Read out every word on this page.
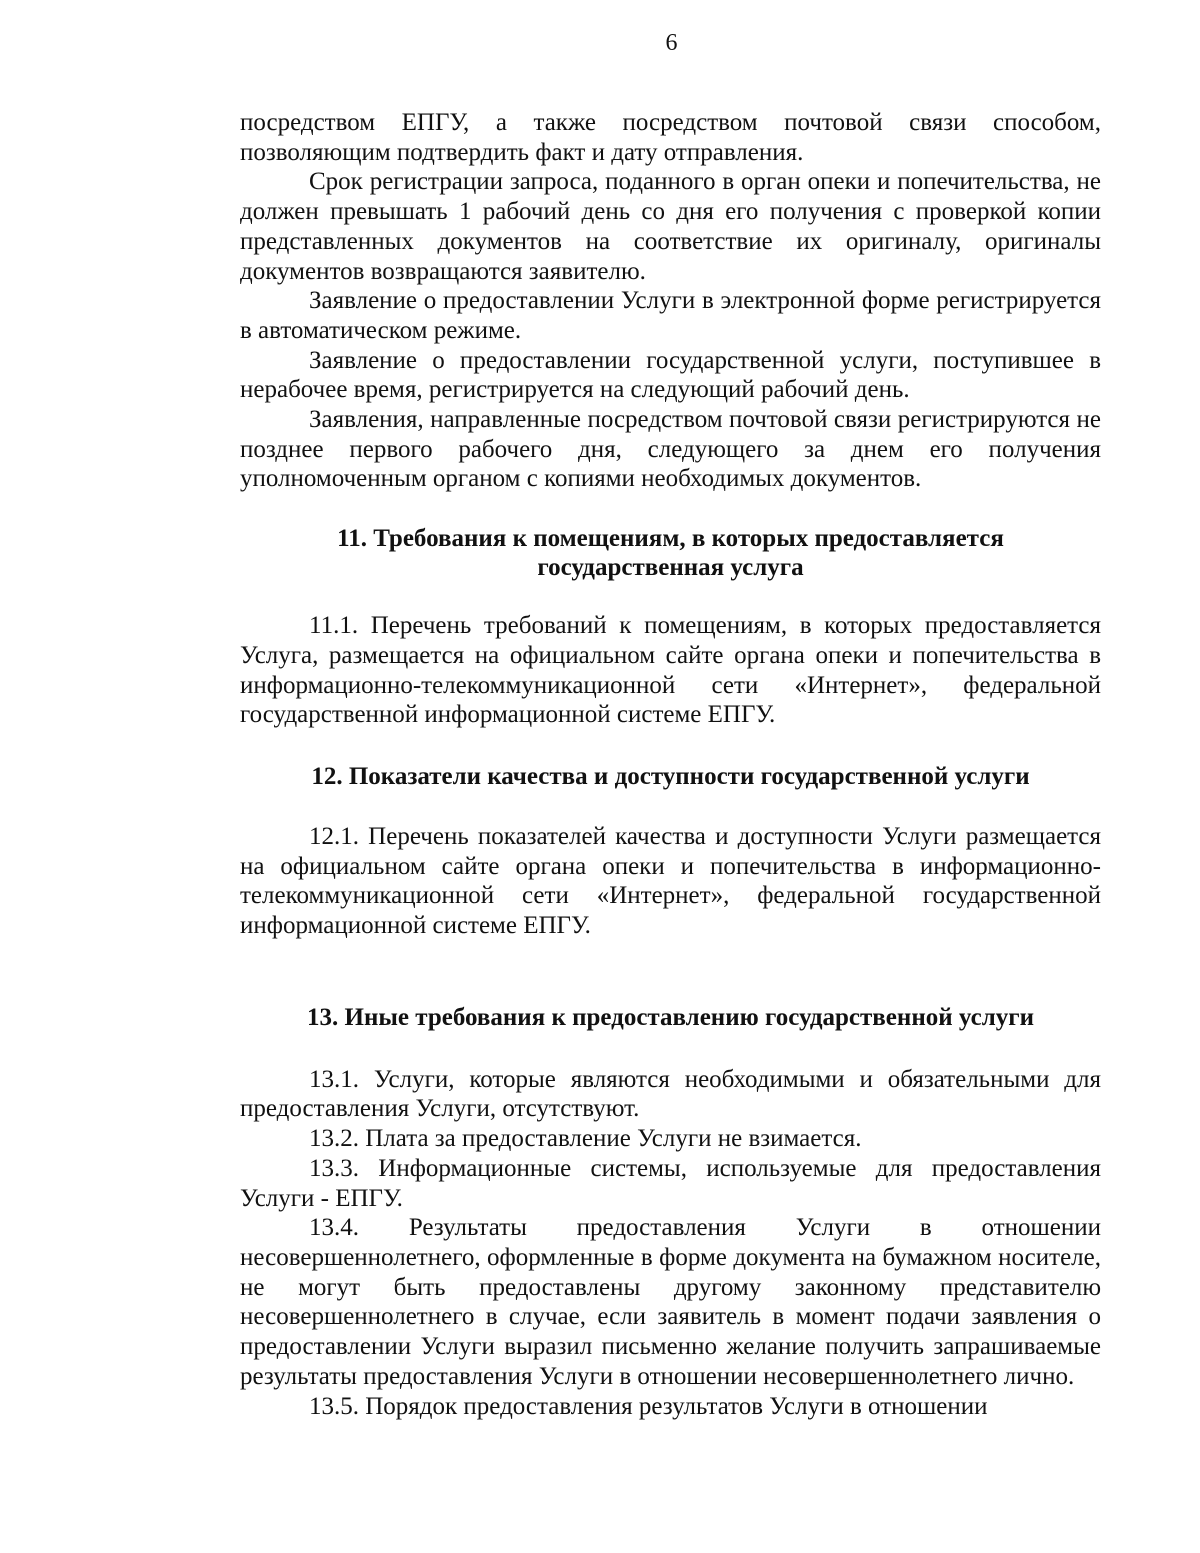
6

посредством ЕПГУ, а также посредством почтовой связи способом, позволяющим подтвердить факт и дату отправления.

Срок регистрации запроса, поданного в орган опеки и попечительства, не должен превышать 1 рабочий день со дня его получения с проверкой копии представленных документов на соответствие их оригиналу, оригиналы документов возвращаются заявителю.

Заявление о предоставлении Услуги в электронной форме регистрируется в автоматическом режиме.

Заявление о предоставлении государственной услуги, поступившее в нерабочее время, регистрируется на следующий рабочий день.

Заявления, направленные посредством почтовой связи регистрируются не позднее первого рабочего дня, следующего за днем его получения уполномоченным органом с копиями необходимых документов.

11. Требования к помещениям, в которых предоставляется
государственная услуга

11.1. Перечень требований к помещениям, в которых предоставляется Услуга, размещается на официальном сайте органа опеки и попечительства в информационно-телекоммуникационной сети «Интернет», федеральной государственной информационной системе ЕПГУ.

12. Показатели качества и доступности государственной услуги

12.1. Перечень показателей качества и доступности Услуги размещается на официальном сайте органа опеки и попечительства в информационно-телекоммуникационной сети «Интернет», федеральной государственной информационной системе ЕПГУ.

13. Иные требования к предоставлению государственной услуги

13.1. Услуги, которые являются необходимыми и обязательными для предоставления Услуги, отсутствуют.

13.2. Плата за предоставление Услуги не взимается.

13.3. Информационные системы, используемые для предоставления Услуги - ЕПГУ.

13.4. Результаты предоставления Услуги в отношении несовершеннолетнего, оформленные в форме документа на бумажном носителе, не могут быть предоставлены другому законному представителю несовершеннолетнего в случае, если заявитель в момент подачи заявления о предоставлении Услуги выразил письменно желание получить запрашиваемые результаты предоставления Услуги в отношении несовершеннолетнего лично.

13.5. Порядок предоставления результатов Услуги в отношении
